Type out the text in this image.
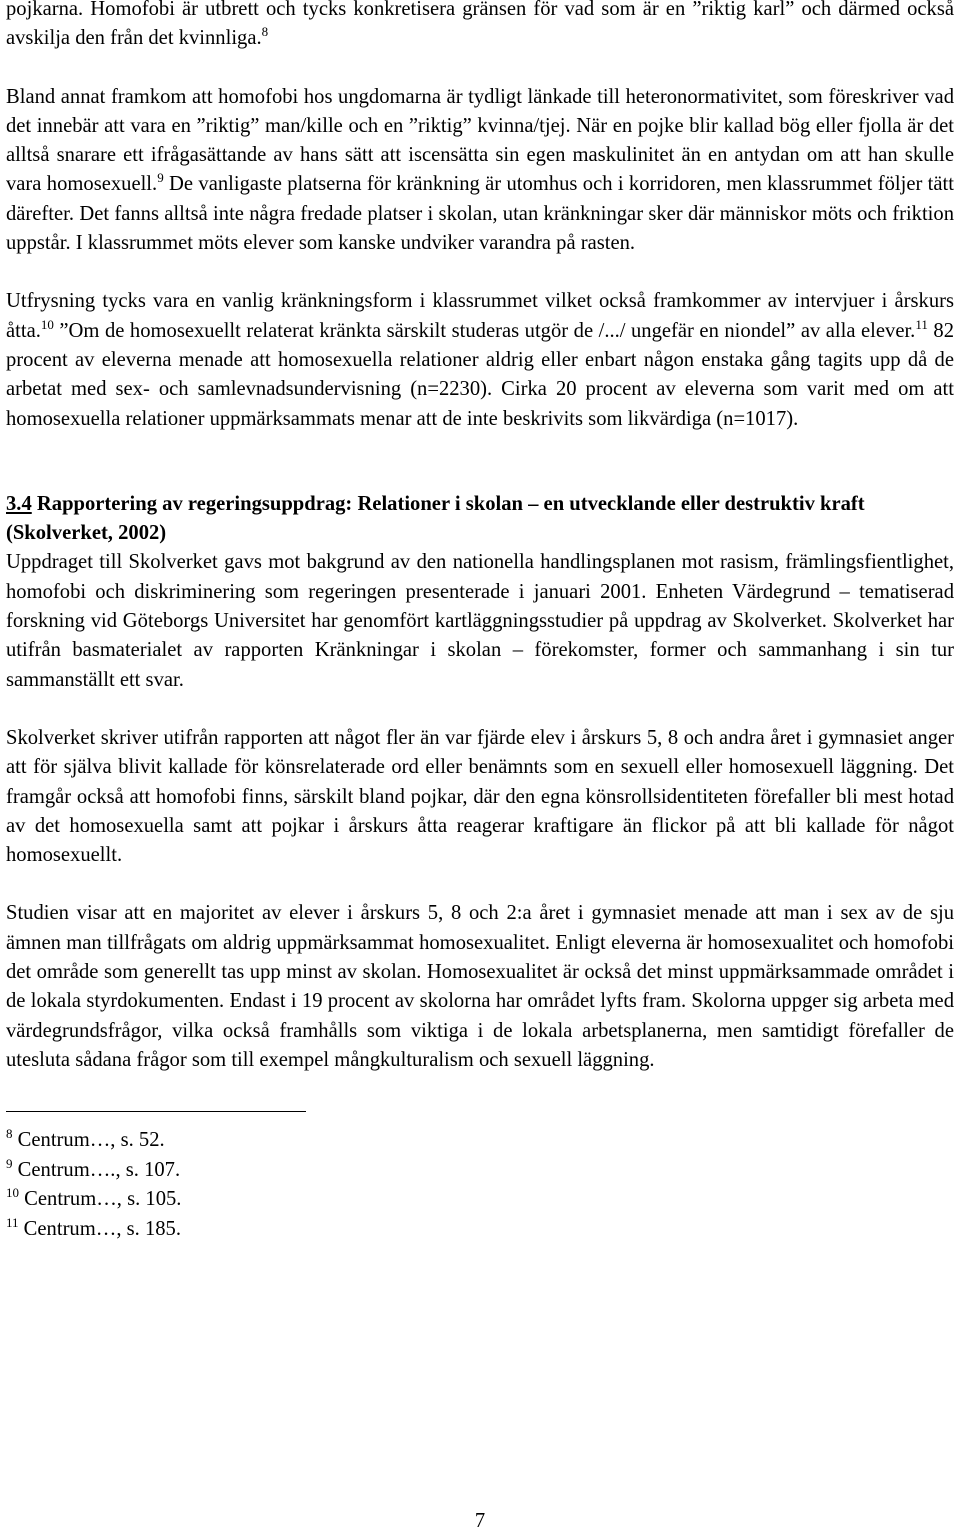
pojkarna. Homofobi är utbrett och tycks konkretisera gränsen för vad som är en ”riktig karl” och därmed också avskilja den från det kvinnliga.$^8$

Bland annat framkom att homofobi hos ungdomarna är tydligt länkade till heteronormativitet, som föreskriver vad det innebär att vara en ”riktig” man/kille och en ”riktig” kvinna/tjej. När en pojke blir kallad bög eller fjolla är det alltså snarare ett ifrågasättande av hans sätt att iscensätta sin egen maskulinitet än en antydan om att han skulle vara homosexuell.$^9$ De vanligaste platserna för kränkning är utomhus och i korridoren, men klassrummet följer tätt därefter. Det fanns alltså inte några fredade platser i skolan, utan kränkningar sker där människor möts och friktion uppstår. I klassrummet möts elever som kanske undviker varandra på rasten.

Utfrysning tycks vara en vanlig kränkningsform i klassrummet vilket också framkommer av intervjuer i årskurs åtta.$^{10}$ ”Om de homosexuellt relaterat kränkta särskilt studeras utgör de /.../ ungefär en niondel” av alla elever.$^{11}$ 82 procent av eleverna menade att homosexuella relationer aldrig eller enbart någon enstaka gång tagits upp då de arbetat med sex- och samlevnadsundervisning (n=2230). Cirka 20 procent av eleverna som varit med om att homosexuella relationer uppmärksammats menar att de inte beskrivits som likvärdiga (n=1017).

3.4 Rapportering av regeringsuppdrag: Relationer i skolan – en utvecklande eller destruktiv kraft (Skolverket, 2002)

Uppdraget till Skolverket gavs mot bakgrund av den nationella handlingsplanen mot rasism, främlingsfientlighet, homofobi och diskriminering som regeringen presenterade i januari 2001. Enheten Värdegrund – tematiserad forskning vid Göteborgs Universitet har genomfört kartläggningsstudier på uppdrag av Skolverket. Skolverket har utifrån basmaterialet av rapporten Kränkningar i skolan – förekomster, former och sammanhang i sin tur sammanställt ett svar.

Skolverket skriver utifrån rapporten att något fler än var fjärde elev i årskurs 5, 8 och andra året i gymnasiet anger att för själva blivit kallade för könsrelaterade ord eller benämnts som en sexuell eller homosexuell läggning. Det framgår också att homofobi finns, särskilt bland pojkar, där den egna könsrollsidentiteten förefaller bli mest hotad av det homosexuella samt att pojkar i årskurs åtta reagerar kraftigare än flickor på att bli kallade för något homosexuellt.

Studien visar att en majoritet av elever i årskurs 5, 8 och 2:a året i gymnasiet menade att man i sex av de sju ämnen man tillfrågats om aldrig uppmärksammat homosexualitet. Enligt eleverna är homosexualitet och homofobi det område som generellt tas upp minst av skolan. Homosexualitet är också det minst uppmärksammade området i de lokala styrdokumenten. Endast i 19 procent av skolorna har området lyfts fram. Skolorna uppger sig arbeta med värdegrundsfrågor, vilka också framhålls som viktiga i de lokala arbetsplanerna, men samtidigt förefaller de utesluta sådana frågor som till exempel mångkulturalism och sexuell läggning.

$^8$ Centrum…, s. 52.
$^9$ Centrum…., s. 107.
$^{10}$ Centrum…, s. 105.
$^{11}$ Centrum…, s. 185.
7
